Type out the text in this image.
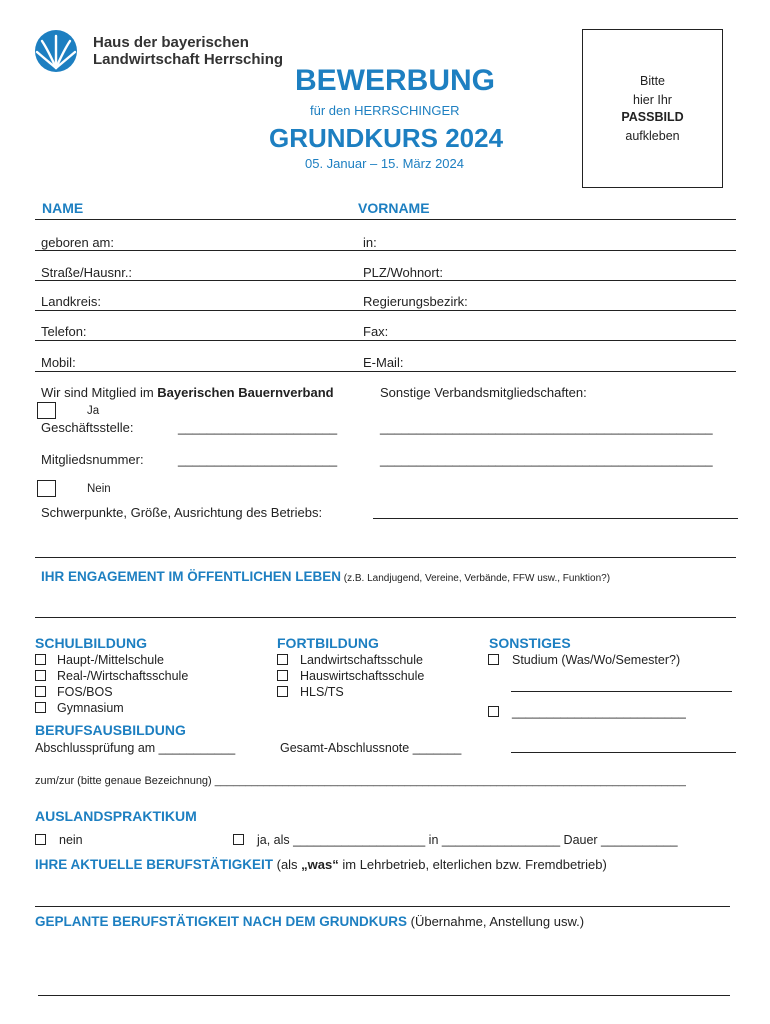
Haus der bayerischen
Landwirtschaft Herrsching
BEWERBUNG
für den HERRSCHINGER
GRUNDKURS 2024
05. Januar – 15. März 2024
Bitte
hier Ihr
PASSBILD
aufkleben
NAME	VORNAME
geboren am:	in:
Straße/Hausnr.:	PLZ/Wohnort:
Landkreis:	Regierungsbezirk:
Telefon:	Fax:
Mobil:	E-Mail:
Wir sind Mitglied im Bayerischen Bauernverband	Sonstige Verbandsmitgliedschaften:
Ja
Geschäftsstelle:	______________________	______________________________________________
Mitgliedsnummer:	______________________	______________________________________________
Nein
Schwerpunkte, Größe, Ausrichtung des Betriebs:
IHR ENGAGEMENT IM ÖFFENTLICHEN LEBEN (z.B. Landjugend, Vereine, Verbände, FFW usw., Funktion?)
SCHULBILDUNG
Haupt-/Mittelschule
Real-/Wirtschaftsschule
FOS/BOS
Gymnasium
FORTBILDUNG
Landwirtschaftsschule
Hauswirtschaftsschule
HLS/TS
SONSTIGES
Studium (Was/Wo/Semester?)
_________________________
BERUFSAUSBILDUNG
Abschlussprüfung am ___________	Gesamt-Abschlussnote _______
zum/zur (bitte genaue Bezeichnung) _____________________________________________________________________________
AUSLANDSPRAKTIKUM
nein	ja, als ___________________ in _________________ Dauer ___________
IHRE AKTUELLE BERUFSTÄTIGKEIT (als „was“ im Lehrbetrieb, elterlichen bzw. Fremdbetrieb)
GEPLANTE BERUFSTÄTIGKEIT NACH DEM GRUNDKURS (Übernahme, Anstellung usw.)
